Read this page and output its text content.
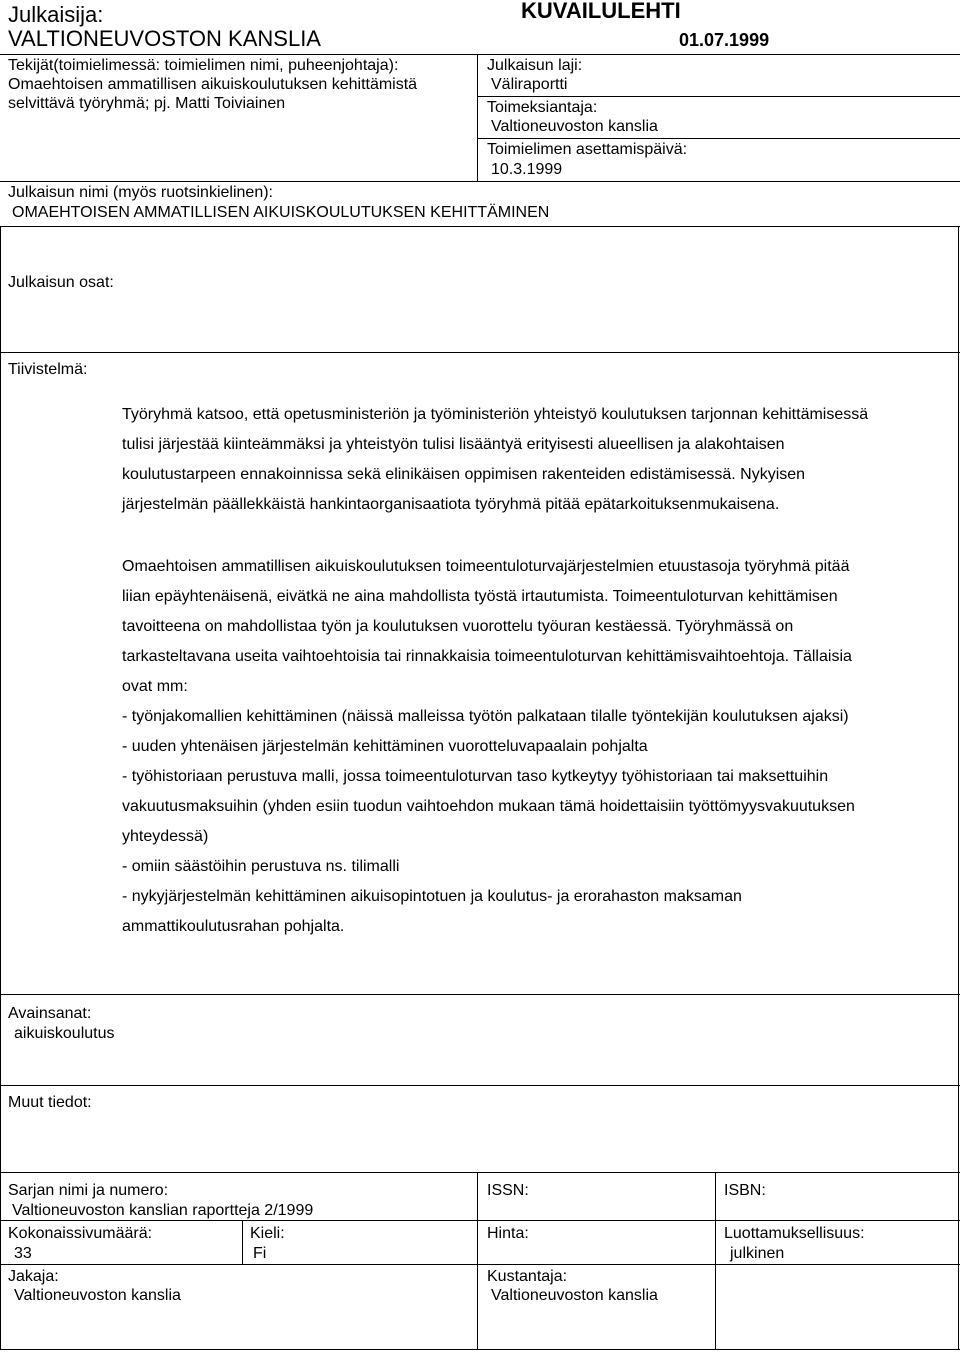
Julkaisija:
VALTIONEUVOSTON KANSLIA
KUVAILULEHTI
01.07.1999
Tekijät(toimielimessä: toimielimen nimi, puheenjohtaja):
Omaehtoisen ammatillisen aikuiskoulutuksen kehittämistä
selvittävä työryhmä; pj. Matti Toiviainen
Julkaisun laji:
Väliraportti
Toimeksiantaja:
Valtioneuvoston kanslia
Toimielimen asettamispäivä:
10.3.1999
Julkaisun nimi (myös ruotsinkielinen):
OMAEHTOISEN AMMATILLISEN AIKUISKOULUTUKSEN KEHITTÄMINEN
Julkaisun osat:
Tiivistelmä:
Työryhmä katsoo, että opetusministeriön ja työministeriön yhteistyö koulutuksen tarjonnan kehittämisessä
tulisi järjestää kiinteämmäksi ja yhteistyön tulisi lisääntyä erityisesti alueellisen ja alakohtaisen
koulutustarpeen ennakoinnissa sekä elinikäisen oppimisen rakenteiden edistämisessä. Nykyisen
järjestelmän päällekkäistä hankintaorganisaatiota työryhmä pitää epätarkoituksenmukaisena.
Omaehtoisen ammatillisen aikuiskoulutuksen toimeentuloturvajärjestelmien etuustasoja työryhmä pitää
liian epäyhtenäisenä, eivätkä ne aina mahdollista työstä irtautumista. Toimeentuloturvan kehittämisen
tavoitteena on mahdollistaa työn ja koulutuksen vuorottelu työuran kestäessä. Työryhmässä on
tarkasteltavana useita vaihtoehtoisia tai rinnakkaisia toimeentuloturvan kehittämisvaihtoehtoja. Tällaisia
ovat mm:
- työnjakomallien kehittäminen (näissä malleissa työtön palkataan tilalle työntekijän koulutuksen ajaksi)
- uuden yhtenäisen järjestelmän kehittäminen vuorotteluvapaalain pohjalta
- työhistoriaan perustuva malli, jossa toimeentuloturvan taso kytkeytyy työhistoriaan tai maksettuihin
vakuutusmaksuihin (yhden esiin tuodun vaihtoehdon mukaan tämä hoidettaisiin työttömyysvakuutuksen
yhteydessä)
- omiin säästöihin perustuva ns. tilimalli
- nykyjärjestelmän kehittäminen aikuisopintotuen ja koulutus- ja erorahaston maksaman
ammattikoulutusrahan pohjalta.
Avainsanat:
aikuiskoulutus
Muut tiedot:
Sarjan nimi ja numero:
Valtioneuvoston kanslian raportteja 2/1999
ISSN:	ISBN:
Kokonaissivumäärä:
33
Kieli:
Fi
Hinta:	Luottamuksellisuus:
julkinen
Jakaja:
Valtioneuvoston kanslia
Kustantaja:
Valtioneuvoston kanslia
